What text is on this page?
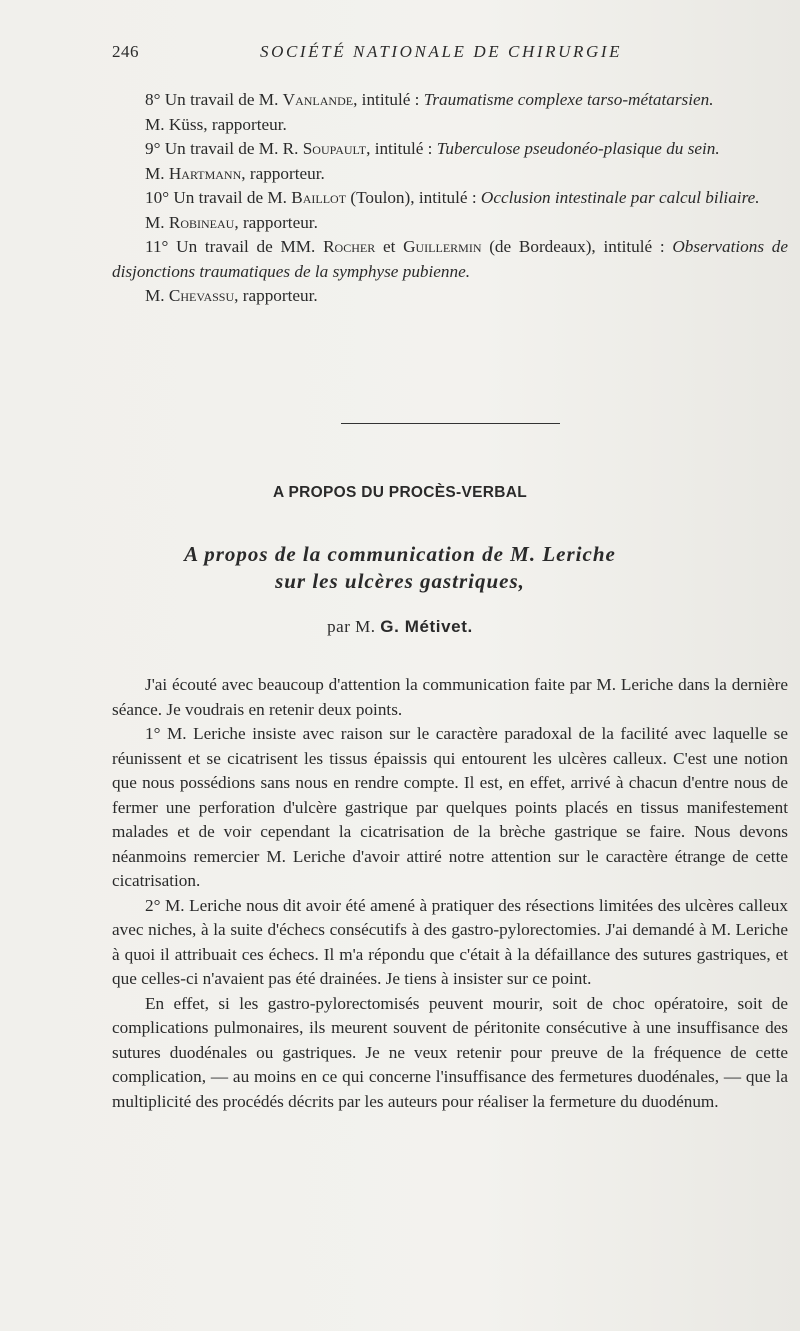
246	SOCIÉTÉ NATIONALE DE CHIRURGIE

8° Un travail de M. Vanlande, intitulé : Traumatisme complexe tarso-métatarsien.

M. Küss, rapporteur.

9° Un travail de M. R. Soupault, intitulé : Tuberculose pseudonéo-plasique du sein.

M. Hartmann, rapporteur.

10° Un travail de M. Baillot (Toulon), intitulé : Occlusion intestinale par calcul biliaire.

M. Robineau, rapporteur.

11° Un travail de MM. Rocher et Guillermin (de Bordeaux), intitulé : Observations de disjonctions traumatiques de la symphyse pubienne.

M. Chevassu, rapporteur.

A PROPOS DU PROCÈS-VERBAL
A propos de la communication de M. Leriche
sur les ulcères gastriques,
par M. G. Métivet.

J'ai écouté avec beaucoup d'attention la communication faite par M. Leriche dans la dernière séance. Je voudrais en retenir deux points.

1° M. Leriche insiste avec raison sur le caractère paradoxal de la facilité avec laquelle se réunissent et se cicatrisent les tissus épaissis qui entourent les ulcères calleux. C'est une notion que nous possédions sans nous en rendre compte. Il est, en effet, arrivé à chacun d'entre nous de fermer une perforation d'ulcère gastrique par quelques points placés en tissus manifestement malades et de voir cependant la cicatrisation de la brèche gastrique se faire. Nous devons néanmoins remercier M. Leriche d'avoir attiré notre attention sur le caractère étrange de cette cicatrisation.

2° M. Leriche nous dit avoir été amené à pratiquer des résections limitées des ulcères calleux avec niches, à la suite d'échecs consécutifs à des gastro-pylorectomies. J'ai demandé à M. Leriche à quoi il attribuait ces échecs. Il m'a répondu que c'était à la défaillance des sutures gastriques, et que celles-ci n'avaient pas été drainées. Je tiens à insister sur ce point.

En effet, si les gastro-pylorectomisés peuvent mourir, soit de choc opératoire, soit de complications pulmonaires, ils meurent souvent de péritonite consécutive à une insuffisance des sutures duodénales ou gastriques. Je ne veux retenir pour preuve de la fréquence de cette complication, — au moins en ce qui concerne l'insuffisance des fermetures duodénales, — que la multiplicité des procédés décrits par les auteurs pour réaliser la fermeture du duodénum.
